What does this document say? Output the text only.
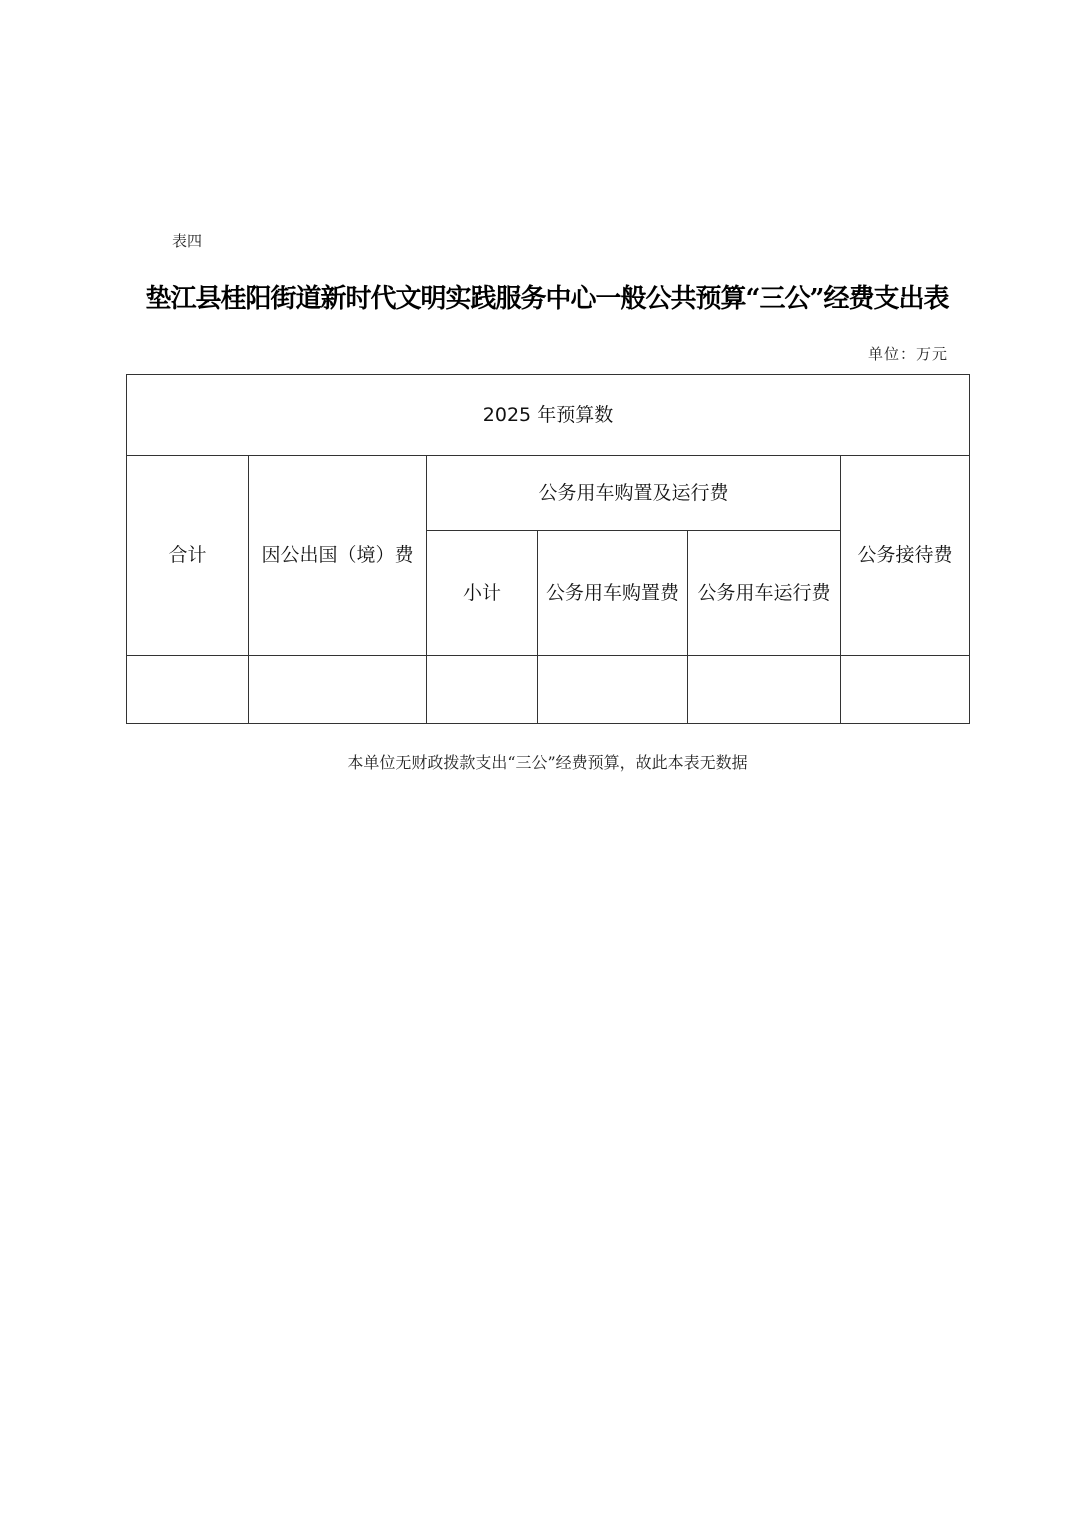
表四
垫江县桂阳街道新时代文明实践服务中心一般公共预算“三公”经费支出表
单位：万元
2025 年预算数					
合计	因公出国（境）费	公务用车购置及运行费			公务接待费
		小计	公务用车购置费	公务用车运行费	

本单位无财政拨款支出“三公”经费预算，故此本表无数据
